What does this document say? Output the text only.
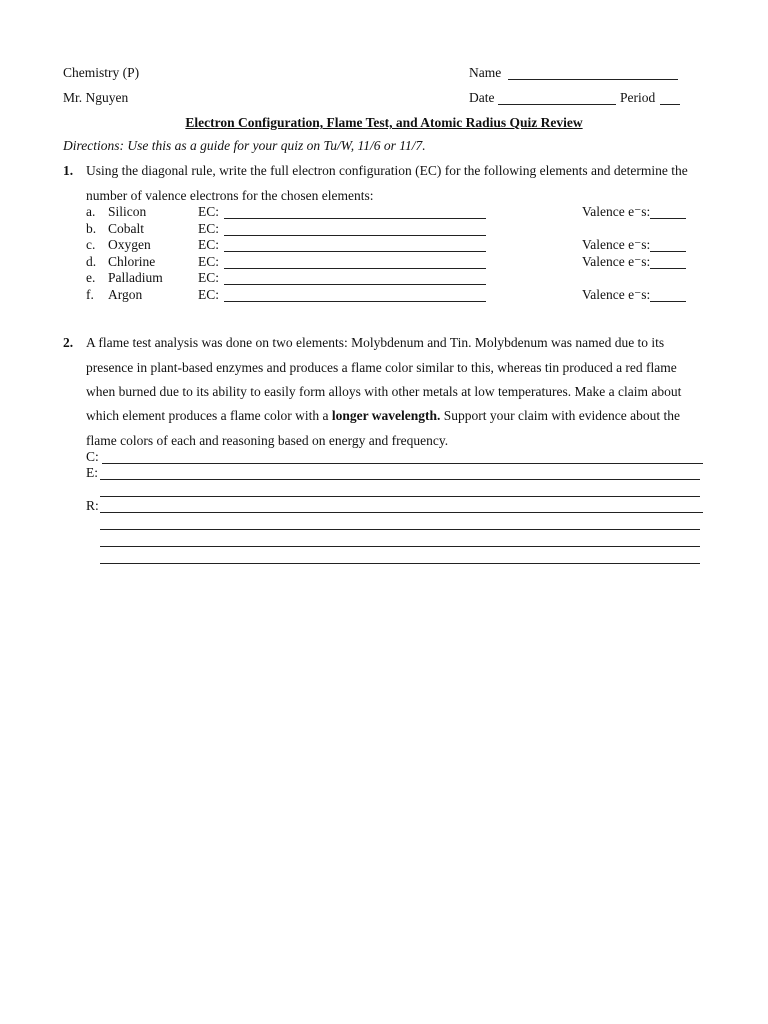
Chemistry (P)
Mr. Nguyen
Name
Date	Period
Electron Configuration, Flame Test, and Atomic Radius Quiz Review
Directions: Use this as a guide for your quiz on Tu/W, 11/6 or 11/7.
1. Using the diagonal rule, write the full electron configuration (EC) for the following elements and determine the
number of valence electrons for the chosen elements:
a. Silicon	EC:	Valence e⁻s:
b. Cobalt	EC:
c. Oxygen	EC:	Valence e⁻s:
d. Chlorine	EC:	Valence e⁻s:
e. Palladium	EC:
f. Argon	EC:	Valence e⁻s:
2. A flame test analysis was done on two elements: Molybdenum and Tin. Molybdenum was named due to its
presence in plant-based enzymes and produces a flame color similar to this, whereas tin produced a red flame
when burned due to its ability to easily form alloys with other metals at low temperatures. Make a claim about
which element produces a flame color with a longer wavelength. Support your claim with evidence about the
flame colors of each and reasoning based on energy and frequency.
C:
E:
R:
